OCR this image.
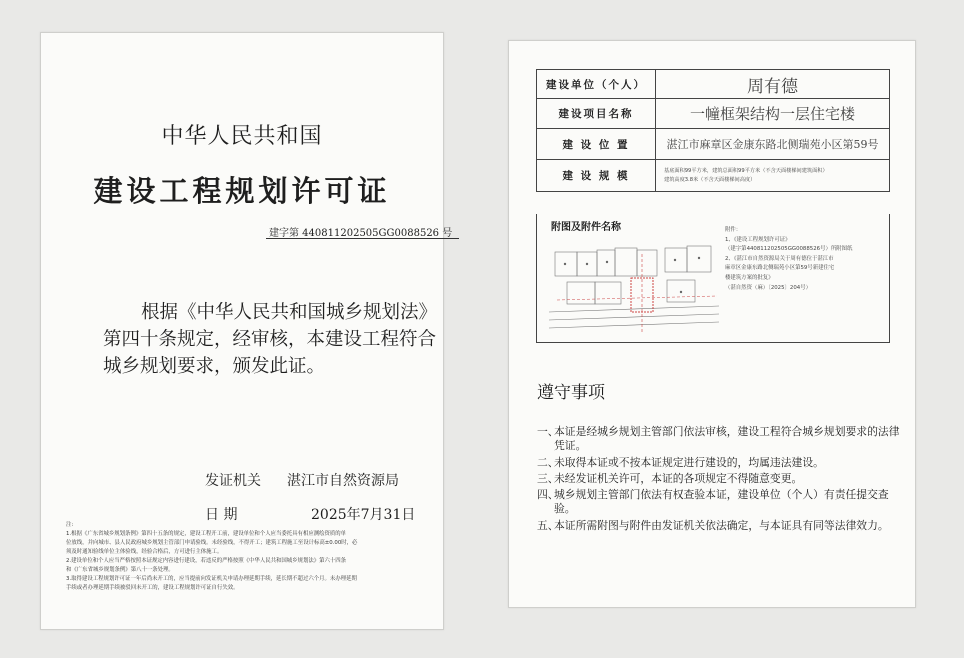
中华人民共和国
建设工程规划许可证
建字第 440811202505GG0088526 号
根据《中华人民共和国城乡规划法》第四十条规定，经审核，本建设工程符合城乡规划要求，颁发此证。
发证机关 湛江市自然资源局
日 期	2025年7月31日
注:
1.根据《广东省城乡规划条例》第四十五条的规定，建设工程开工前，建设单位和个人应当委托具有相应测绘资质的单
位放线，并向城市、县人民政府城乡规划主管部门申请验线。未经验线，不得开工；建筑工程施工至设计标高±0.00时，必
须及时通知验线单位主体验线，经验合格后，方可进行主体施工。
2.建设单位和个人应当严格按照本证规定内容进行建设，若违反的严格按照《中华人民共和国城乡规划法》第六十四条
和《广东省城乡规划条例》第八十一条处理。
3.取得建设工程规划许可证一年后尚未开工的，应当提前向发证机关申请办理延期手续，延长期不超过六个月。未办理延期
手续或者办理延期手续被驳回未开工的，建设工程规划许可证自行失效。
建设单位（个人）	周有德
建设项目名称	一幢框架结构一层住宅楼
建 设 位 置	湛江市麻章区金康东路北侧瑞苑小区第59号
建 设 规 模	基底面积99平方米，建筑总面积99平方米（不含天面楼梯间建筑面积）
建筑高度3.8米（不含天面楼梯间高度）
附图及附件名称	附件：
1、《建设工程规划许可证》
（建字第440811202505GG0088526号）所附图纸
2、《湛江市自然资源局关于周有德位于湛江市
麻章区金康东路北侧瑞苑小区第59号新建住宅
楼建筑方案的批复》
（湛自然资（麻）〔2025〕204号）
遵守事项
一、
本证是经城乡规划主管部门依法审核，建设工程符合城乡规划要求的法律凭证。
二、
未取得本证或不按本证规定进行建设的，均属违法建设。
三、
未经发证机关许可，本证的各项规定不得随意变更。
四、
城乡规划主管部门依法有权查验本证，建设单位（个人）有责任提交查验。
五、
本证所需附图与附件由发证机关依法确定，与本证具有同等法律效力。
